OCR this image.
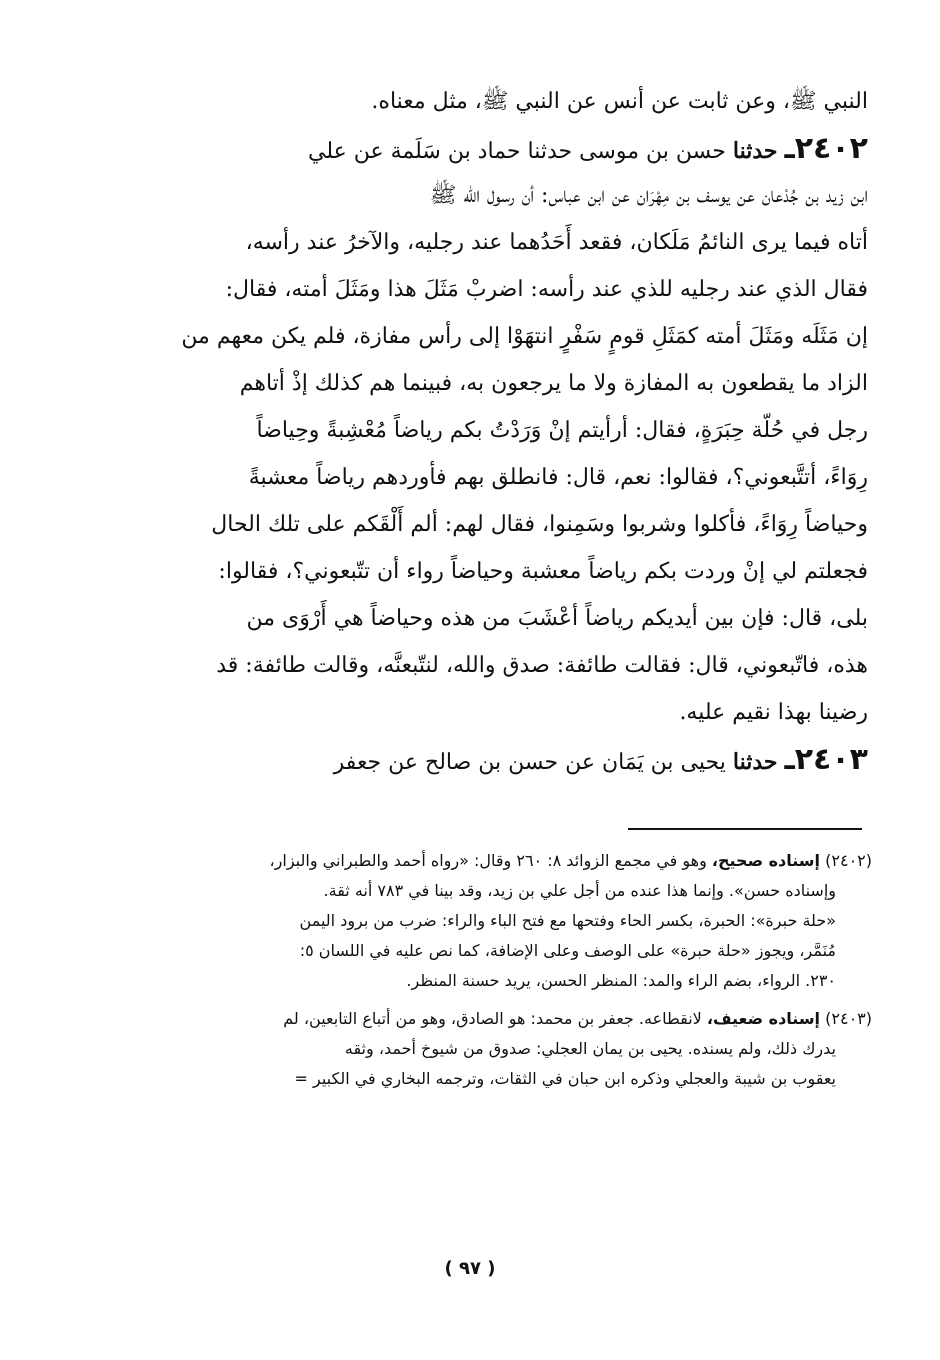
النبي ﷺ، وعن ثابت عن أنس عن النبي ﷺ، مثل معناه.
٢٤٠٢ـ حدثنا حسن بن موسى حدثنا حماد بن سَلَمة عن علي
ابن زيد بن جُدْعان عن يوسف بن مِهْرَان عن ابن عباس: أن رسول الله ﷺ
أتاه فيما يرى النائمُ مَلَكان، فقعد أَحَدُهما عند رجليه، والآخرُ عند رأسه،
فقال الذي عند رجليه للذي عند رأسه: اضربْ مَثَلَ هذا ومَثَلَ أمته، فقال:
إن مَثَلَه ومَثَلَ أمته كمَثَلِ قومٍ سَفْرٍ انتهَوْا إلى رأس مفازة، فلم يكن معهم من
الزاد ما يقطعون به المفازة ولا ما يرجعون به، فبينما هم كذلك إذْ أتاهم
رجل في حُلّة حِبَرَةٍ، فقال: أرأيتم إنْ وَرَدْتُ بكم رياضاً مُعْشِبةً وحِياضاً
رِوَاءً، أتتَّبعوني؟، فقالوا: نعم، قال: فانطلق بهم فأوردهم رياضاً معشبةً
وحياضاً رِوَاءً، فأكلوا وشربوا وسَمِنوا، فقال لهم: ألم أَلْقَكم على تلك الحال
فجعلتم لي إنْ وردت بكم رياضاً معشبة وحياضاً رواء أن تتّبعوني؟، فقالوا:
بلى، قال: فإن بين أيديكم رياضاً أعْشَبَ من هذه وحياضاً هي أَرْوَى من
هذه، فاتّبعوني، قال: فقالت طائفة: صدق والله، لنتّبعنَّه، وقالت طائفة: قد
رضينا بهذا نقيم عليه.
٢٤٠٣ـ حدثنا يحيى بن يَمَان عن حسن بن صالح عن جعفر
(٢٤٠٢) إسناده صحيح، وهو في مجمع الزوائد ٨: ٢٦٠ وقال: «رواه أحمد والطبراني والبزار،
وإسناده حسن». وإنما هذا عنده من أجل علي بن زيد، وقد بينا في ٧٨٣ أنه ثقة.
«حلة حبرة»: الحبرة، بكسر الحاء وفتحها مع فتح الباء والراء: ضرب من برود اليمن
مُنَمَّر، ويجوز «حلة حبرة» على الوصف وعلى الإضافة، كما نص عليه في اللسان ٥:
٢٣٠. الرواء، بضم الراء والمد: المنظر الحسن، يريد حسنة المنظر.
(٢٤٠٣) إسناده ضعيف، لانقطاعه. جعفر بن محمد: هو الصادق، وهو من أتباع التابعين، لم
يدرك ذلك، ولم يسنده. يحيى بن يمان العجلي: صدوق من شيوخ أحمد، وثقه
يعقوب بن شيبة والعجلي وذكره ابن حبان في الثقات، وترجمه البخاري في الكبير =
( ٩٧ )
